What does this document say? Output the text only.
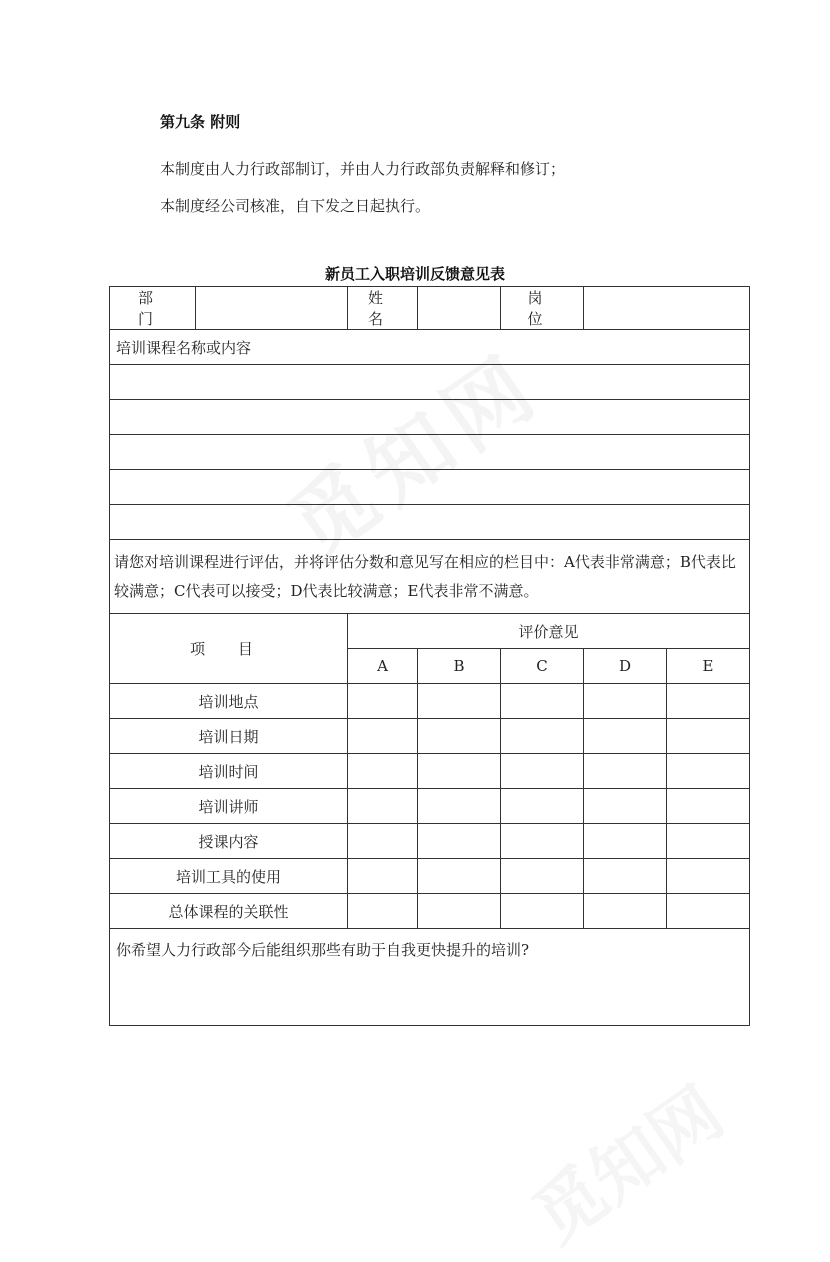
第九条 附则
本制度由人力行政部制订，并由人力行政部负责解释和修订；
本制度经公司核准，自下发之日起执行。
新员工入职培训反馈意见表
部 门		姓 名		岗 位		
培训课程名称或内容						

请您对培训课程进行评估，并将评估分数和意见写在相应的栏目中：A代表非常满意；B代表比较满意；C代表可以接受；D代表比较满意；E代表非常不满意。						
项 目		评价意见				
		A	B	C	D	E
培训地点						
培训日期						
培训时间						
培训讲师						
授课内容						
培训工具的使用						
总体课程的关联性						
你希望人力行政部今后能组织那些有助于自我更快提升的培训?						
